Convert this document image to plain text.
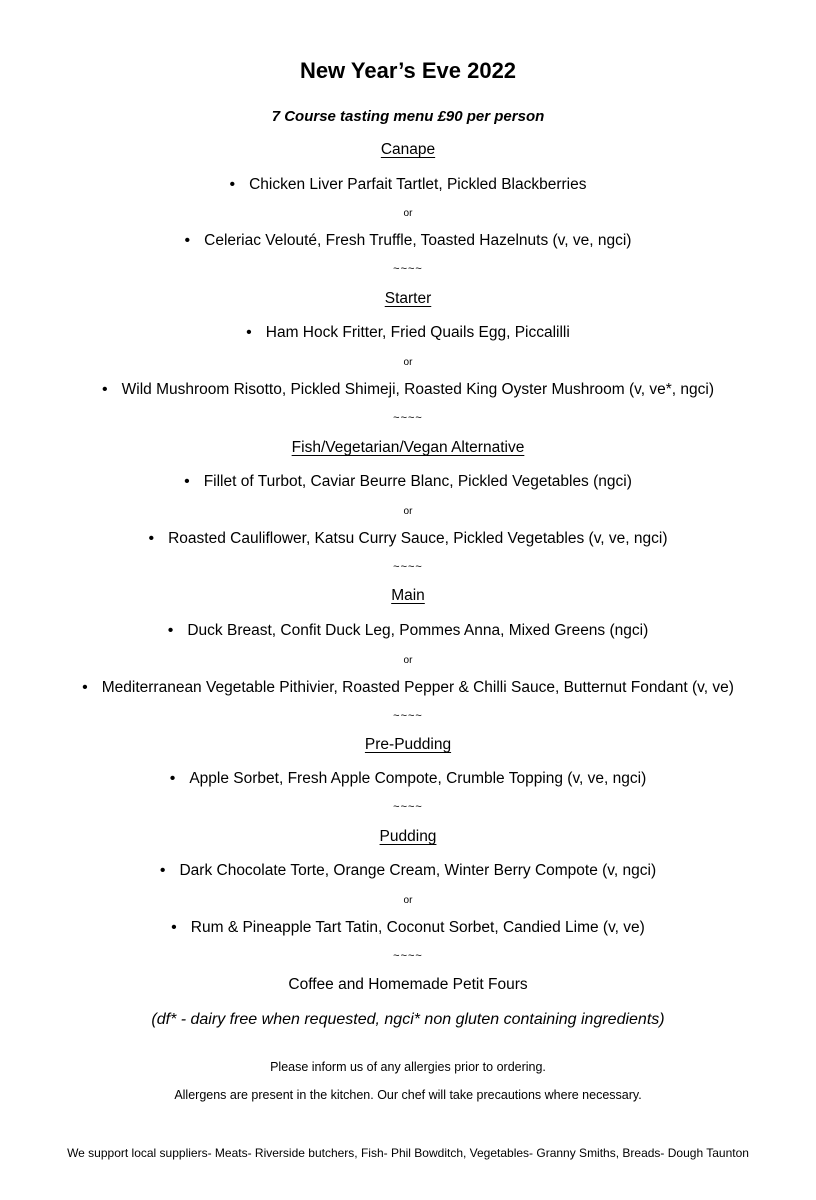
New Year’s Eve 2022
7 Course tasting menu £90 per person
Canape
• Chicken Liver Parfait Tartlet, Pickled Blackberries
or
• Celeriac Velouté, Fresh Truffle, Toasted Hazelnuts (v, ve, ngci)
~~~~
Starter
• Ham Hock Fritter, Fried Quails Egg, Piccalilli
or
• Wild Mushroom Risotto, Pickled Shimeji, Roasted King Oyster Mushroom (v, ve*, ngci)
~~~~
Fish/Vegetarian/Vegan Alternative
• Fillet of Turbot, Caviar Beurre Blanc, Pickled Vegetables (ngci)
or
• Roasted Cauliflower, Katsu Curry Sauce, Pickled Vegetables (v, ve, ngci)
~~~~
Main
• Duck Breast, Confit Duck Leg, Pommes Anna, Mixed Greens (ngci)
or
• Mediterranean Vegetable Pithivier, Roasted Pepper & Chilli Sauce, Butternut Fondant (v, ve)
~~~~
Pre-Pudding
• Apple Sorbet, Fresh Apple Compote, Crumble Topping (v, ve, ngci)
~~~~
Pudding
• Dark Chocolate Torte, Orange Cream, Winter Berry Compote (v, ngci)
or
• Rum & Pineapple Tart Tatin, Coconut Sorbet, Candied Lime (v, ve)
~~~~
Coffee and Homemade Petit Fours
(df* - dairy free when requested, ngci* non gluten containing ingredients)
Please inform us of any allergies prior to ordering.
Allergens are present in the kitchen. Our chef will take precautions where necessary.
We support local suppliers- Meats- Riverside butchers, Fish- Phil Bowditch, Vegetables- Granny Smiths, Breads- Dough Taunton
